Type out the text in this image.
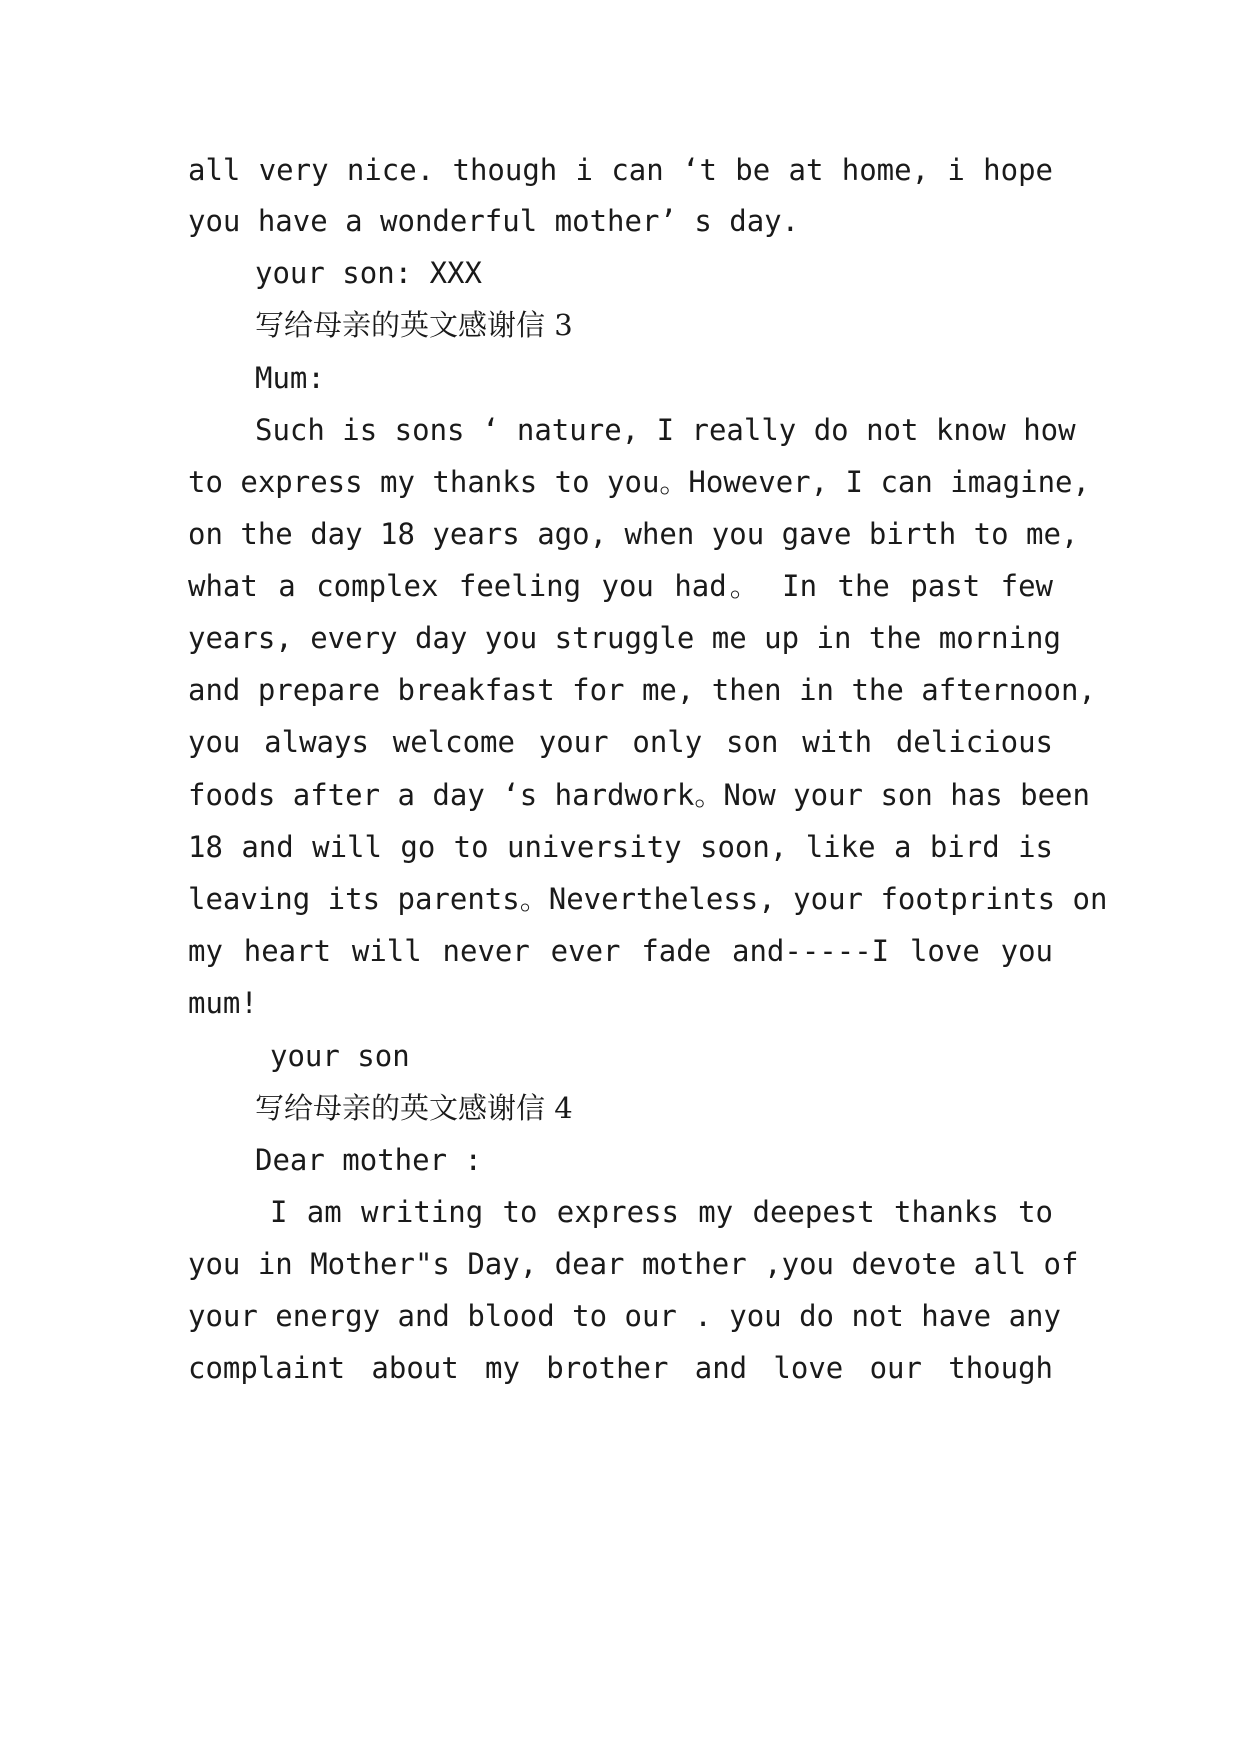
all very nice. though i can ‘t be at home, i hope
you have a wonderful mother’ s day.
your son: XXX
写给母亲的英文感谢信 3
Mum:
Such is sons ‘ nature, I really do not know how
to express my thanks to you。However, I can imagine,
on the day 18 years ago, when you gave birth to me,
what a complex feeling you had。 In the past few
years, every day you struggle me up in the morning
and prepare breakfast for me, then in the afternoon,
you always welcome your only son with delicious
foods after a day ‘s hardwork。Now your son has been
18 and will go to university soon, like a bird is
leaving its parents。Nevertheless, your footprints on
my heart will never ever fade and-----I love you
mum!
your son
写给母亲的英文感谢信 4
Dear mother :
I am writing to express my deepest thanks to
you in Mother"s Day, dear mother ,you devote all of
your energy and blood to our . you do not have any
complaint about my brother and love our though
